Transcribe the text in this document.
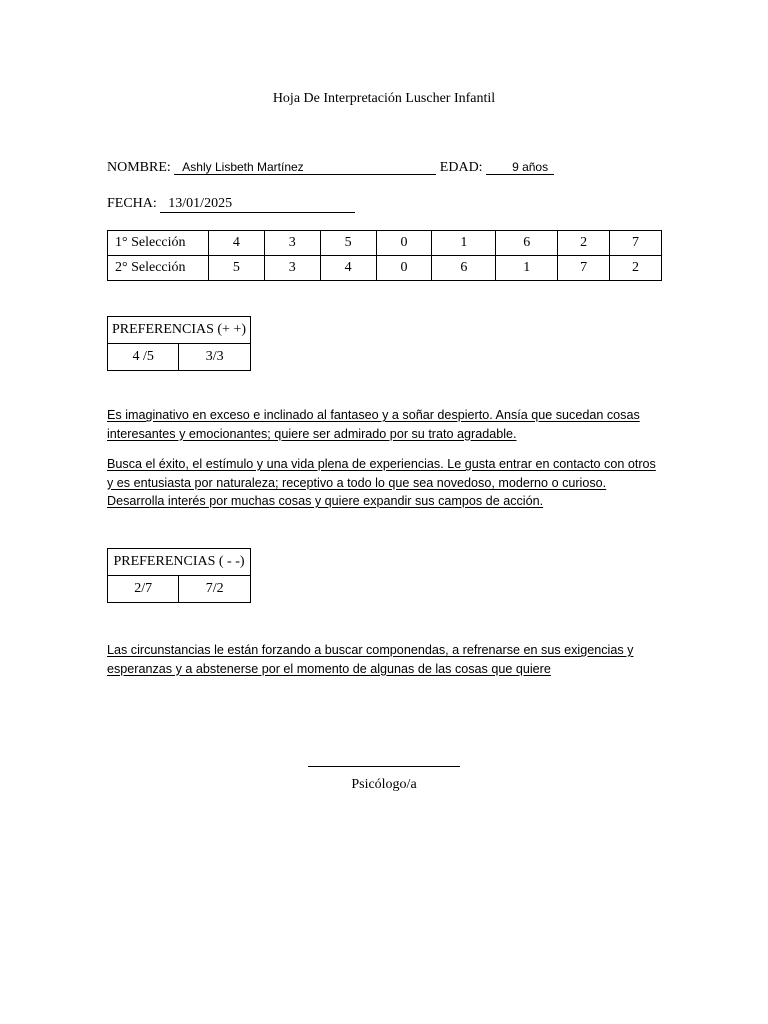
Hoja De Interpretación Luscher Infantil
NOMBRE: Ashly Lisbeth Martínez	EDAD: 9 años
FECHA: 13/01/2025
1° Selección	4	3	5	0	1	6	2	7
2° Selección	5	3	4	0	6	1	7	2
PREFERENCIAS (+ +)
4 /5	3/3
Es imaginativo en exceso e inclinado al fantaseo y a soñar despierto. Ansía que sucedan cosas interesantes y emocionantes; quiere ser admirado por su trato agradable.
Busca el éxito, el estímulo y una vida plena de experiencias. Le gusta entrar en contacto con otros y es entusiasta por naturaleza; receptivo a todo lo que sea novedoso, moderno o curioso. Desarrolla interés por muchas cosas y quiere expandir sus campos de acción.
PREFERENCIAS ( - -)
2/7	7/2
Las circunstancias le están forzando a buscar componendas, a refrenarse en sus exigencias y esperanzas y a abstenerse por el momento de algunas de las cosas que quiere
Psicólogo/a
